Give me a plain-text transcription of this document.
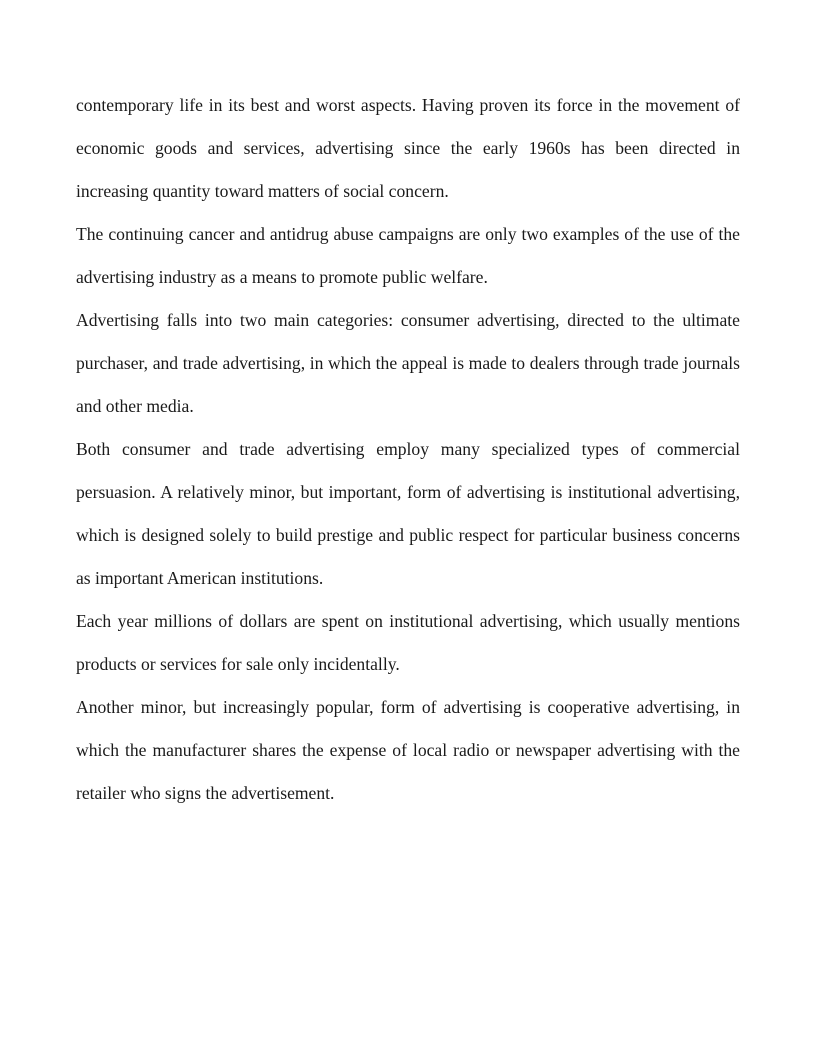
contemporary life in its best and worst aspects. Having proven its force in the movement of economic goods and services, advertising since the early 1960s has been directed in increasing quantity toward matters of social concern.

The continuing cancer and antidrug abuse campaigns are only two examples of the use of the advertising industry as a means to promote public welfare.

Advertising falls into two main categories: consumer advertising, directed to the ultimate purchaser, and trade advertising, in which the appeal is made to dealers through trade journals and other media.

Both consumer and trade advertising employ many specialized types of commercial persuasion. A relatively minor, but important, form of advertising is institutional advertising, which is designed solely to build prestige and public respect for particular business concerns as important American institutions.

Each year millions of dollars are spent on institutional advertising, which usually mentions products or services for sale only incidentally.

Another minor, but increasingly popular, form of advertising is cooperative advertising, in which the manufacturer shares the expense of local radio or newspaper advertising with the retailer who signs the advertisement.
